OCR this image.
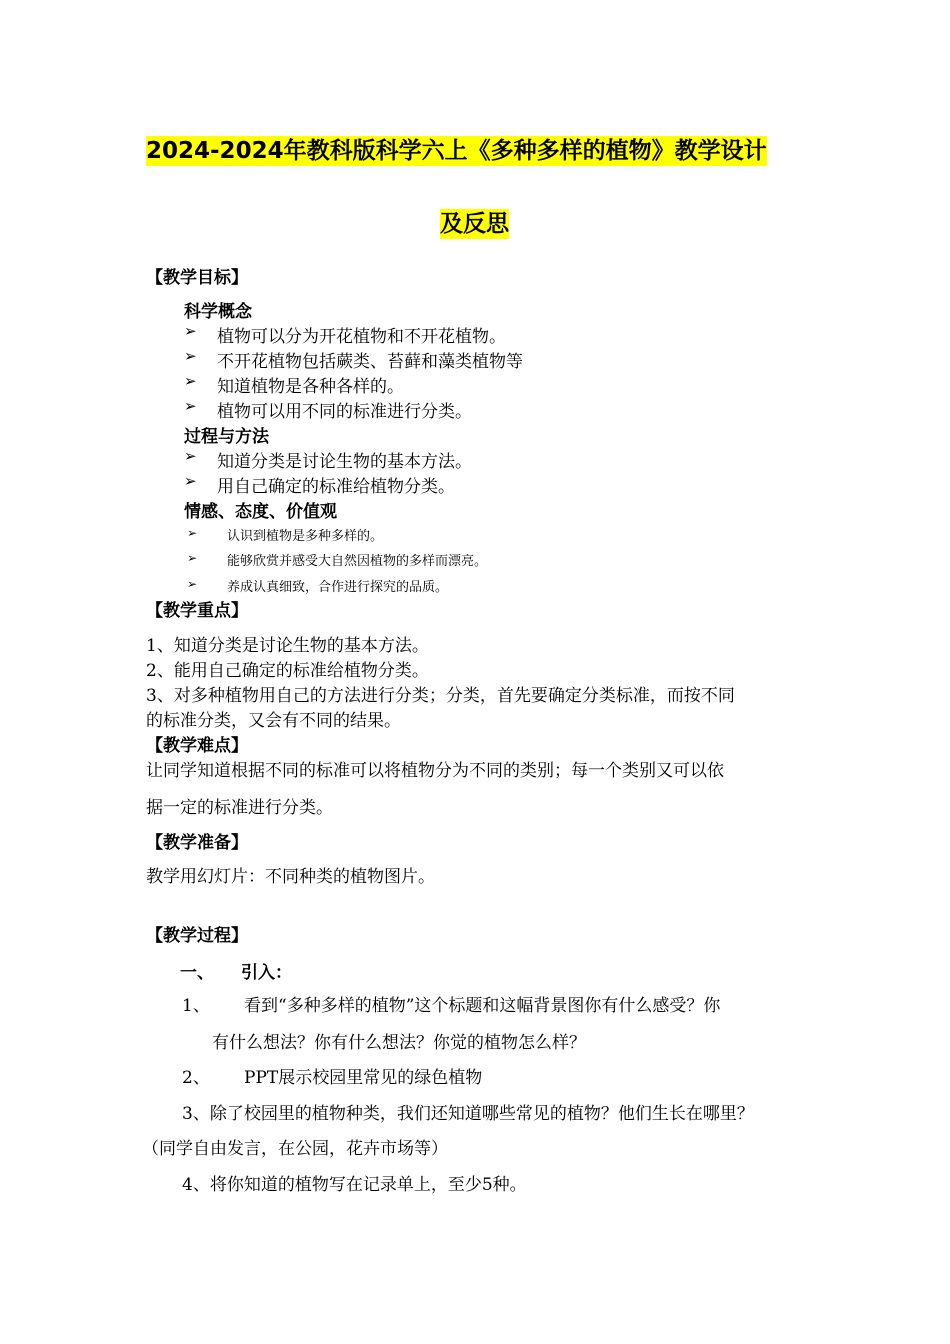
2024-2024年教科版科学六上《多种多样的植物》教学设计
及反思
【教学目标】
科学概念
➢ 植物可以分为开花植物和不开花植物。
➢ 不开花植物包括蕨类、苔藓和藻类植物等
➢ 知道植物是各种各样的。
➢ 植物可以用不同的标准进行分类。
过程与方法
➢ 知道分类是讨论生物的基本方法。
➢ 用自己确定的标准给植物分类。
情感、态度、价值观
➢ 认识到植物是多种多样的。
➢ 能够欣赏并感受大自然因植物的多样而漂亮。
➢ 养成认真细致，合作进行探究的品质。
【教学重点】
1、知道分类是讨论生物的基本方法。
2、能用自己确定的标准给植物分类。
3、对多种植物用自己的方法进行分类；分类，首先要确定分类标准，而按不同
的标准分类，又会有不同的结果。
【教学难点】
让同学知道根据不同的标准可以将植物分为不同的类别；每一个类别又可以依
据一定的标准进行分类。
【教学准备】
教学用幻灯片：不同种类的植物图片。
【教学过程】
一、 引入：
1、 看到“多种多样的植物”这个标题和这幅背景图你有什么感受？你
有什么想法？你有什么想法？你觉的植物怎么样？
2、 PPT展示校园里常见的绿色植物
3、除了校园里的植物种类，我们还知道哪些常见的植物？他们生长在哪里？
（同学自由发言，在公园，花卉市场等）
4、将你知道的植物写在记录单上，至少5种。
